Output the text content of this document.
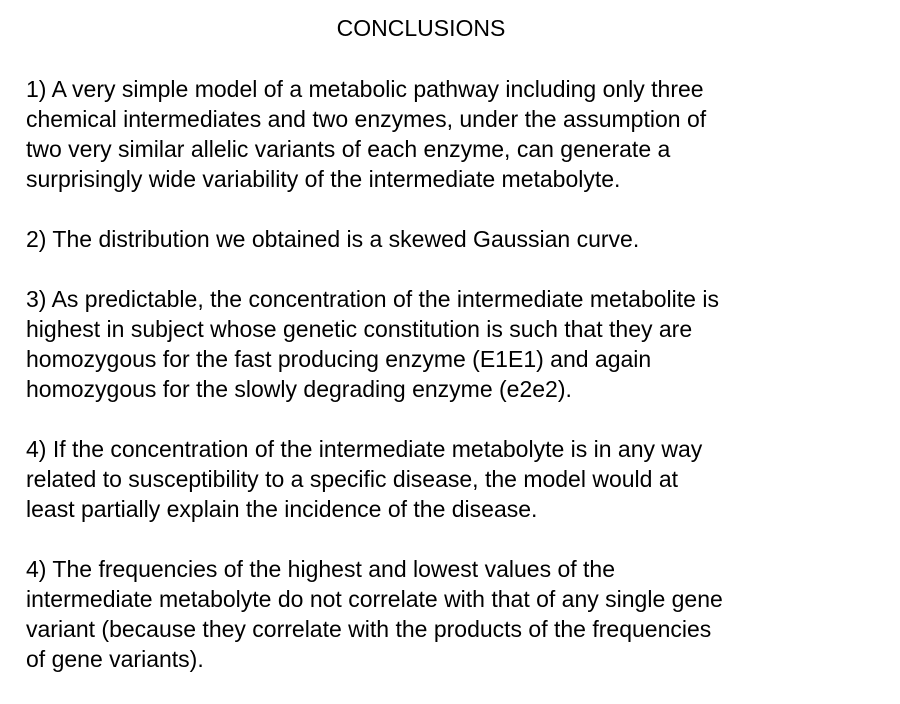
CONCLUSIONS
1) A very simple model of a metabolic pathway including only three
chemical intermediates and two enzymes, under the assumption of
two very similar allelic variants of each enzyme, can generate a
surprisingly wide variability of the intermediate metabolyte.
2) The distribution we obtained is a skewed Gaussian curve.
3) As predictable, the concentration of the intermediate metabolite is
highest in subject whose genetic constitution is such that they are
homozygous for the fast producing enzyme (E1E1) and again
homozygous for the slowly degrading enzyme (e2e2).
4) If the concentration of the intermediate metabolyte is in any way
related to susceptibility to a specific disease, the model would at
least partially explain the incidence of the disease.
4) The frequencies of the highest and lowest values of the
intermediate metabolyte do not correlate with that of any single gene
variant (because they correlate with the products of the frequencies
of gene variants).
